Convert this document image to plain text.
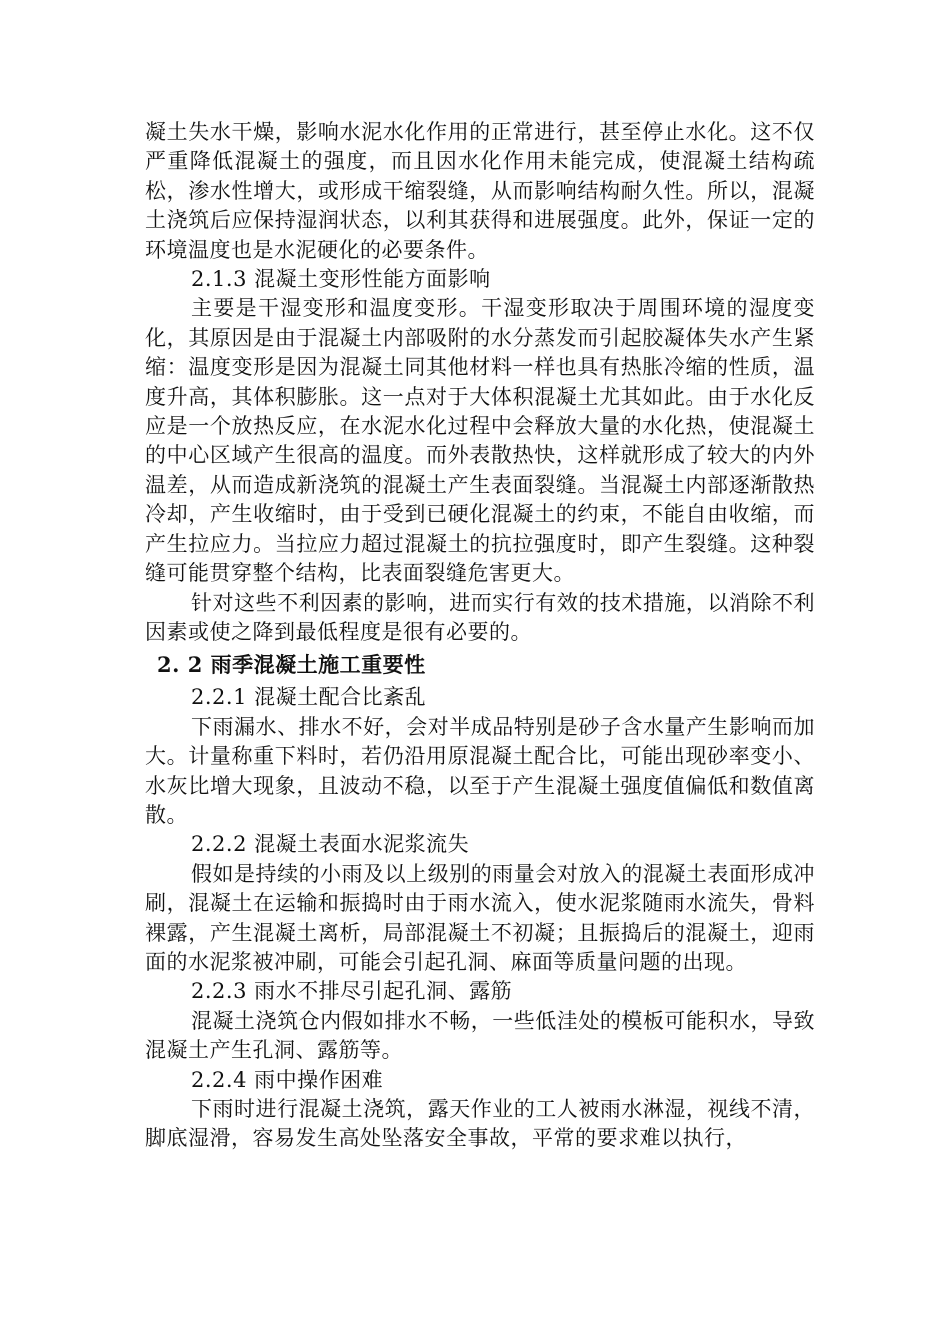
凝土失水干燥，影响水泥水化作用的正常进行，甚至停止水化。这不仅严重降低混凝土的强度，而且因水化作用未能完成，使混凝土结构疏松，渗水性增大，或形成干缩裂缝，从而影响结构耐久性。所以，混凝土浇筑后应保持湿润状态，以利其获得和进展强度。此外，保证一定的环境温度也是水泥硬化的必要条件。

2.1.3 混凝土变形性能方面影响

主要是干湿变形和温度变形。干湿变形取决于周围环境的湿度变化，其原因是由于混凝土内部吸附的水分蒸发而引起胶凝体失水产生紧缩：温度变形是因为混凝土同其他材料一样也具有热胀冷缩的性质，温度升高，其体积膨胀。这一点对于大体积混凝土尤其如此。由于水化反应是一个放热反应，在水泥水化过程中会释放大量的水化热，使混凝土的中心区域产生很高的温度。而外表散热快，这样就形成了较大的内外温差，从而造成新浇筑的混凝土产生表面裂缝。当混凝土内部逐渐散热冷却，产生收缩时，由于受到已硬化混凝土的约束，不能自由收缩，而产生拉应力。当拉应力超过混凝土的抗拉强度时，即产生裂缝。这种裂缝可能贯穿整个结构，比表面裂缝危害更大。

针对这些不利因素的影响，进而实行有效的技术措施，以消除不利因素或使之降到最低程度是很有必要的。

2. 2 雨季混凝土施工重要性

2.2.1 混凝土配合比紊乱

下雨漏水、排水不好，会对半成品特别是砂子含水量产生影响而加大。计量称重下料时，若仍沿用原混凝土配合比，可能出现砂率变小、水灰比增大现象，且波动不稳，以至于产生混凝土强度值偏低和数值离散。

2.2.2 混凝土表面水泥浆流失

假如是持续的小雨及以上级别的雨量会对放入的混凝土表面形成冲刷，混凝土在运输和振捣时由于雨水流入，使水泥浆随雨水流失，骨料裸露，产生混凝土离析，局部混凝土不初凝；且振捣后的混凝土，迎雨面的水泥浆被冲刷，可能会引起孔洞、麻面等质量问题的出现。

2.2.3 雨水不排尽引起孔洞、露筋

混凝土浇筑仓内假如排水不畅，一些低洼处的模板可能积水，导致混凝土产生孔洞、露筋等。

2.2.4 雨中操作困难

下雨时进行混凝土浇筑，露天作业的工人被雨水淋湿，视线不清，脚底湿滑，容易发生高处坠落安全事故，平常的要求难以执行，
